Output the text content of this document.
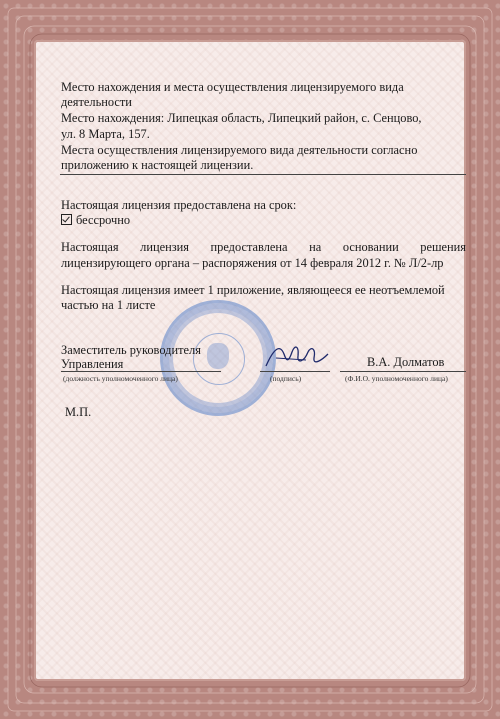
Место нахождения и места осуществления лицензируемого вида
деятельности
Место нахождения: Липецкая область, Липецкий район, с. Сенцово,
ул. 8 Марта, 157.
Места осуществления лицензируемого вида деятельности согласно
приложению к настоящей лицензии.
Настоящая лицензия предоставлена на срок:
бессрочно
Настоящая лицензия предоставлена на основании решения
лицензирующего органа – распоряжения от 14 февраля 2012 г. № Л/2-лр
Настоящая лицензия имеет 1 приложение, являющееся ее неотъемлемой
частью на 1 листе
Заместитель руководителя
Управления	В.А. Долматов
(должность уполномоченного лица)	(подпись)	(Ф.И.О. уполномоченного лица)
М.П.
